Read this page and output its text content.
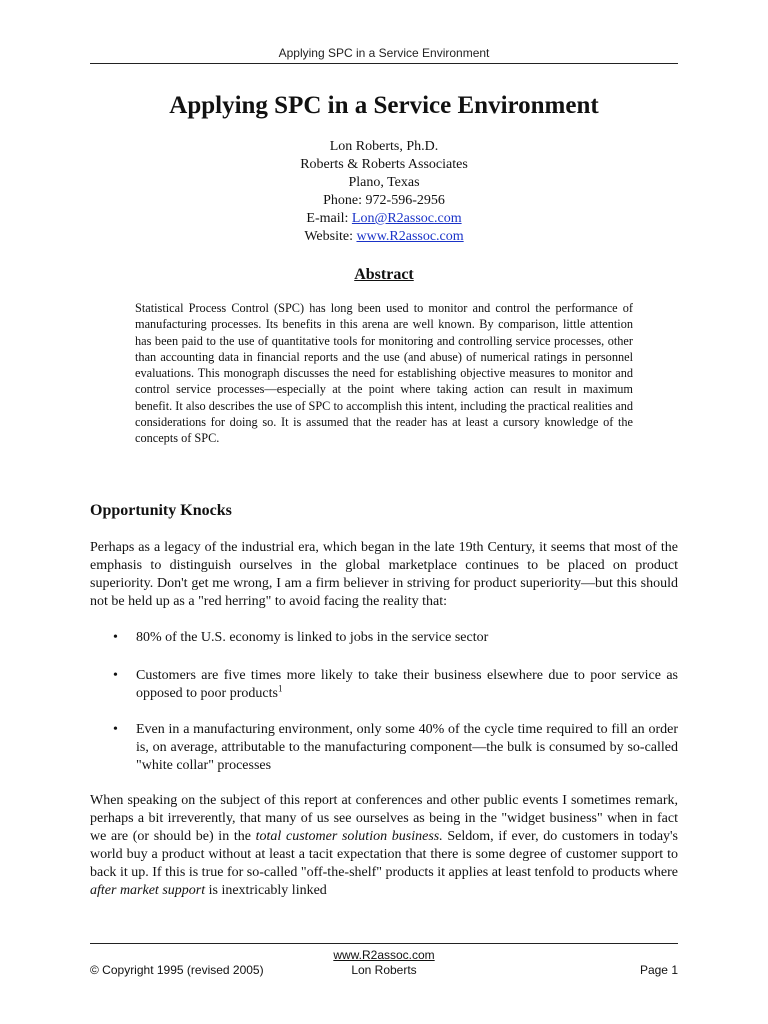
Applying SPC in a Service Environment
Applying SPC in a Service Environment
Lon Roberts, Ph.D.
Roberts & Roberts Associates
Plano, Texas
Phone: 972-596-2956
E-mail: Lon@R2assoc.com
Website: www.R2assoc.com
Abstract

Statistical Process Control (SPC) has long been used to monitor and control the performance of manufacturing processes. Its benefits in this arena are well known. By comparison, little attention has been paid to the use of quantitative tools for monitoring and controlling service processes, other than accounting data in financial reports and the use (and abuse) of numerical ratings in personnel evaluations. This monograph discusses the need for establishing objective measures to monitor and control service processes—especially at the point where taking action can result in maximum benefit. It also describes the use of SPC to accomplish this intent, including the practical realities and considerations for doing so. It is assumed that the reader has at least a cursory knowledge of the concepts of SPC.

Opportunity Knocks

Perhaps as a legacy of the industrial era, which began in the late 19th Century, it seems that most of the emphasis to distinguish ourselves in the global marketplace continues to be placed on product superiority. Don't get me wrong, I am a firm believer in striving for product superiority—but this should not be held up as a "red herring" to avoid facing the reality that:

• 80% of the U.S. economy is linked to jobs in the service sector
• Customers are five times more likely to take their business elsewhere due to poor service as opposed to poor products$^1$
• Even in a manufacturing environment, only some 40% of the cycle time required to fill an order is, on average, attributable to the manufacturing component—the bulk is consumed by so-called "white collar" processes

When speaking on the subject of this report at conferences and other public events I sometimes remark, perhaps a bit irreverently, that many of us see ourselves as being in the "widget business" when in fact we are (or should be) in the total customer solution business. Seldom, if ever, do customers in today's world buy a product without at least a tacit expectation that there is some degree of customer support to back it up. If this is true for so-called "off-the-shelf" products it applies at least tenfold to products where after market support is inextricably linked

www.R2assoc.com
© Copyright 1995 (revised 2005)	Lon Roberts	Page 1
